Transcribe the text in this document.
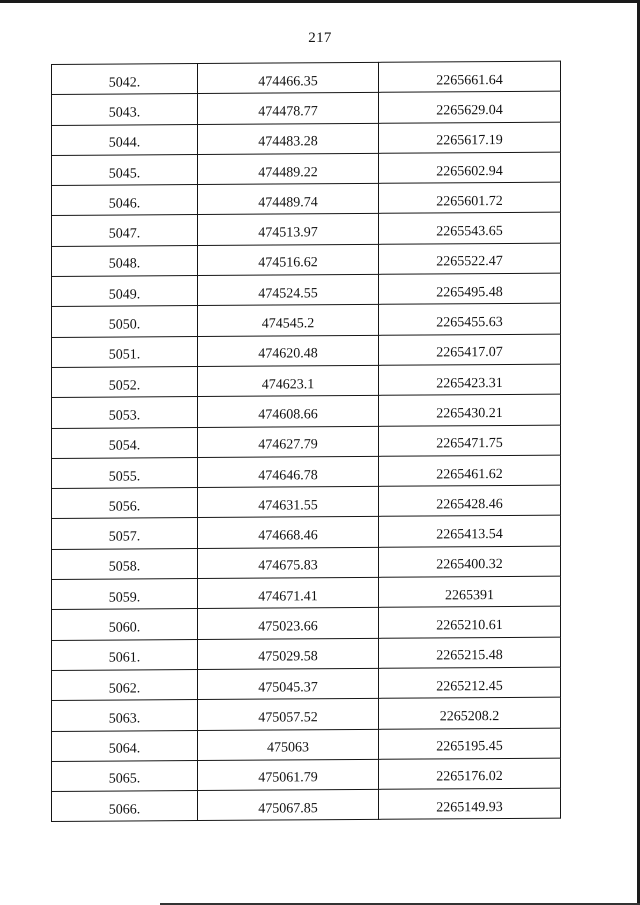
217
5042.	474466.35	2265661.64
5043.	474478.77	2265629.04
5044.	474483.28	2265617.19
5045.	474489.22	2265602.94
5046.	474489.74	2265601.72
5047.	474513.97	2265543.65
5048.	474516.62	2265522.47
5049.	474524.55	2265495.48
5050.	474545.2	2265455.63
5051.	474620.48	2265417.07
5052.	474623.1	2265423.31
5053.	474608.66	2265430.21
5054.	474627.79	2265471.75
5055.	474646.78	2265461.62
5056.	474631.55	2265428.46
5057.	474668.46	2265413.54
5058.	474675.83	2265400.32
5059.	474671.41	2265391
5060.	475023.66	2265210.61
5061.	475029.58	2265215.48
5062.	475045.37	2265212.45
5063.	475057.52	2265208.2
5064.	475063	2265195.45
5065.	475061.79	2265176.02
5066.	475067.85	2265149.93
